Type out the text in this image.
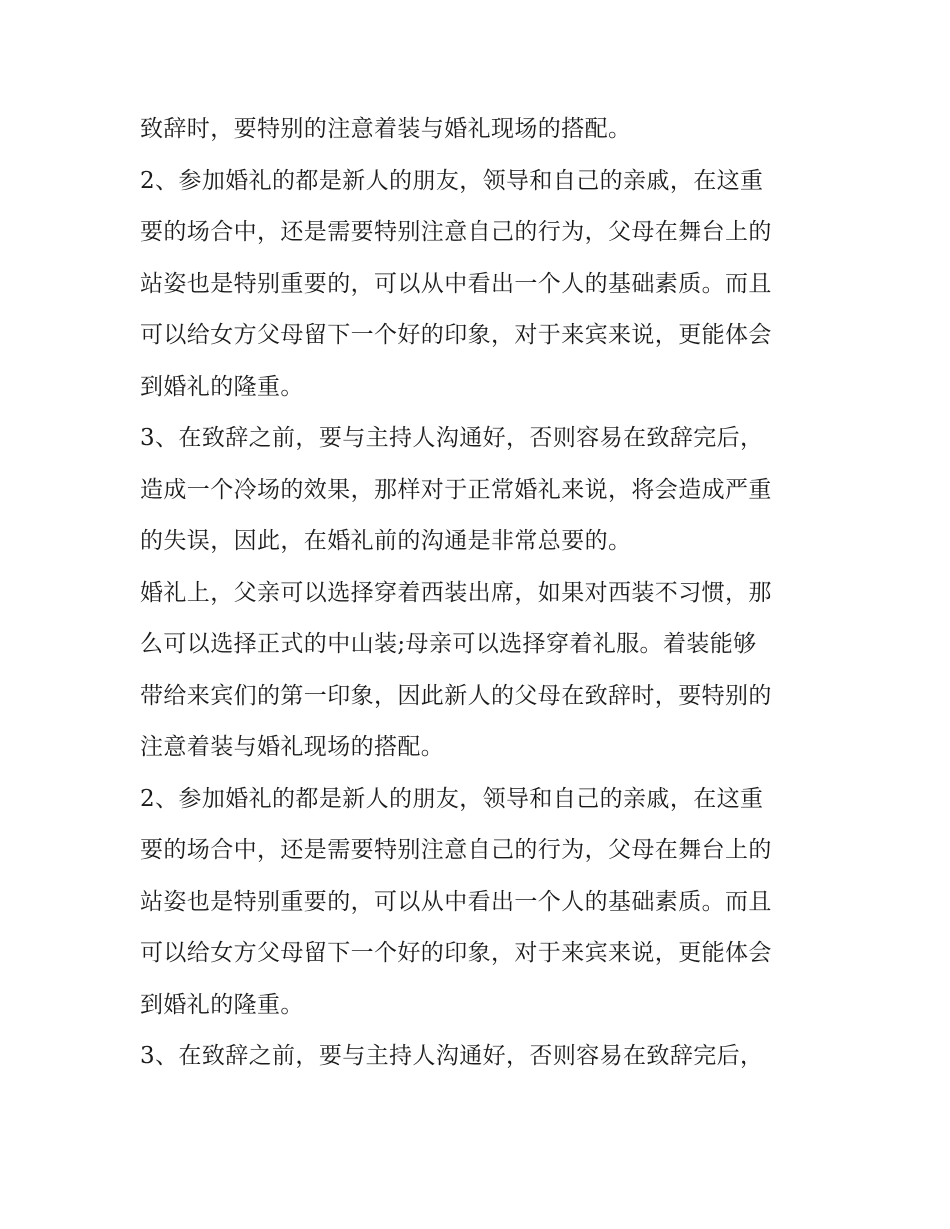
致辞时，要特别的注意着装与婚礼现场的搭配。
2、参加婚礼的都是新人的朋友，领导和自己的亲戚，在这重
要的场合中，还是需要特别注意自己的行为，父母在舞台上的
站姿也是特别重要的，可以从中看出一个人的基础素质。而且
可以给女方父母留下一个好的印象，对于来宾来说，更能体会
到婚礼的隆重。
3、在致辞之前，要与主持人沟通好，否则容易在致辞完后，
造成一个冷场的效果，那样对于正常婚礼来说，将会造成严重
的失误，因此，在婚礼前的沟通是非常总要的。
婚礼上，父亲可以选择穿着西装出席，如果对西装不习惯，那
么可以选择正式的中山装;母亲可以选择穿着礼服。着装能够
带给来宾们的第一印象，因此新人的父母在致辞时，要特别的
注意着装与婚礼现场的搭配。
2、参加婚礼的都是新人的朋友，领导和自己的亲戚，在这重
要的场合中，还是需要特别注意自己的行为，父母在舞台上的
站姿也是特别重要的，可以从中看出一个人的基础素质。而且
可以给女方父母留下一个好的印象，对于来宾来说，更能体会
到婚礼的隆重。
3、在致辞之前，要与主持人沟通好，否则容易在致辞完后，
